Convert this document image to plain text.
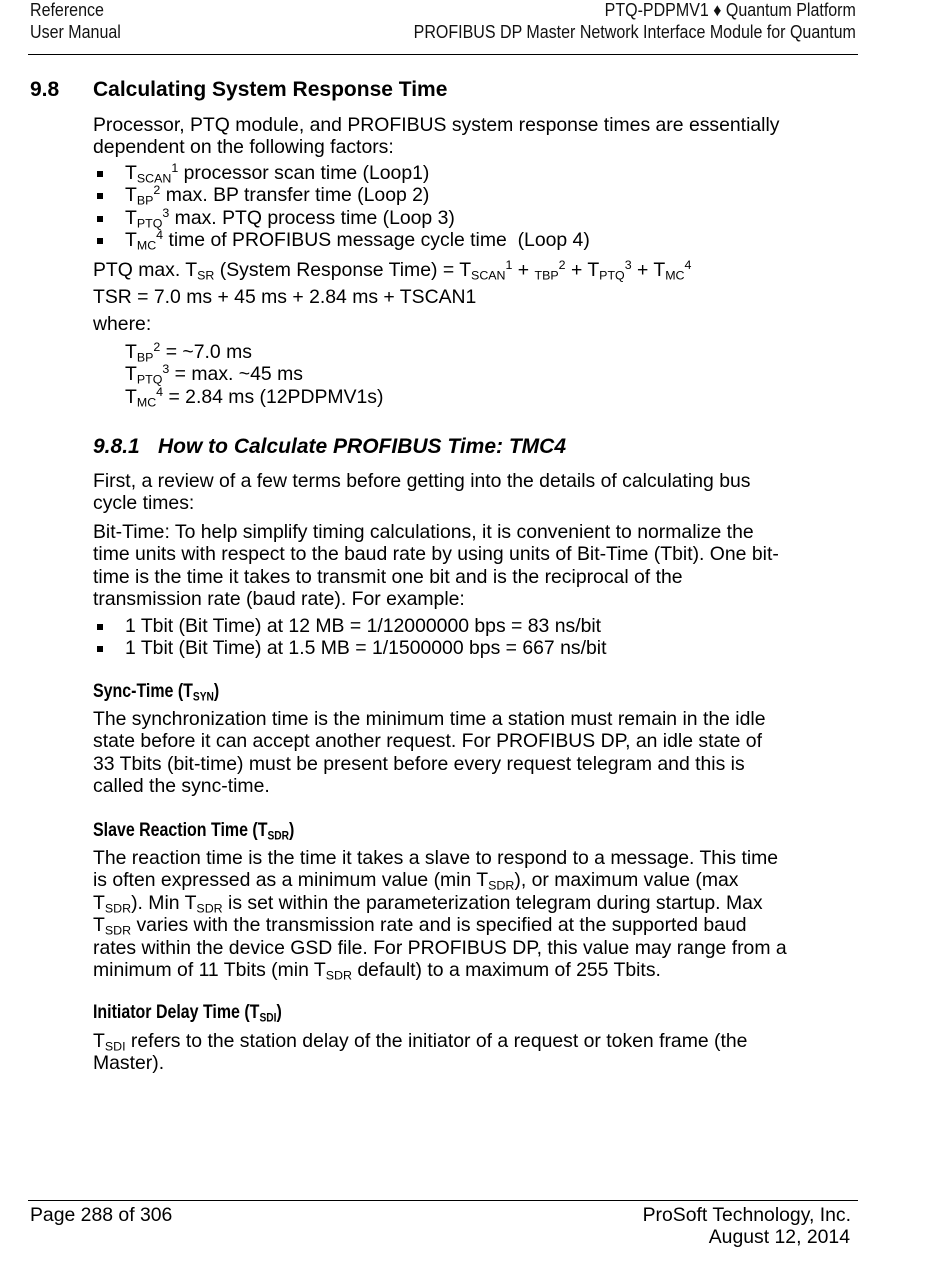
Reference
User Manual
PTQ-PDPMV1 ♦ Quantum Platform
PROFIBUS DP Master Network Interface Module for Quantum
9.8 Calculating System Response Time
Processor, PTQ module, and PROFIBUS system response times are essentially
dependent on the following factors:
$T_{SCAN}^1$ processor scan time (Loop1)
$T_{BP}^2$ max. BP transfer time (Loop 2)
$T_{PTQ}^3$ max. PTQ process time (Loop 3)
$T_{MC}^4$ time of PROFIBUS message cycle time  (Loop 4)
PTQ max. $T_{SR}$ (System Response Time) = $T_{SCAN}^1 + _{TBP}^2 + T_{PTQ}^3 + T_{MC}^4$
TSR = 7.0 ms + 45 ms + 2.84 ms + TSCAN1
where:
$T_{BP}^2$ = ~7.0 ms
$T_{PTQ}^3 = \max$. ~45 ms
$T_{MC}^4 = 2.84$ ms (12PDPMV1s)
9.8.1 How to Calculate PROFIBUS Time: TMC4
First, a review of a few terms before getting into the details of calculating bus
cycle times:
Bit-Time: To help simplify timing calculations, it is convenient to normalize the
time units with respect to the baud rate by using units of Bit-Time (Tbit). One bit-
time is the time it takes to transmit one bit and is the reciprocal of the
transmission rate (baud rate). For example:
1 Tbit (Bit Time) at 12 MB = 1/12000000 bps = 83 ns/bit
1 Tbit (Bit Time) at 1.5 MB = 1/1500000 bps = 667 ns/bit
Sync-Time $(T_{SYN})$
The synchronization time is the minimum time a station must remain in the idle
state before it can accept another request. For PROFIBUS DP, an idle state of
33 Tbits (bit-time) must be present before every request telegram and this is
called the sync-time.
Slave Reaction Time $(T_{SDR})$
The reaction time is the time it takes a slave to respond to a message. This time
is often expressed as a minimum value (min $T_{SDR}$), or maximum value (max
$T_{SDR}$). Min $T_{SDR}$ is set within the parameterization telegram during startup. Max
$T_{SDR}$ varies with the transmission rate and is specified at the supported baud
rates within the device GSD file. For PROFIBUS DP, this value may range from a
minimum of 11 Tbits (min $T_{SDR}$ default) to a maximum of 255 Tbits.
Initiator Delay Time $(T_{SDI})$
$T_{SDI}$ refers to the station delay of the initiator of a request or token frame (the
Master).
Page 288 of 306	ProSoft Technology, Inc.
August 12, 2014
